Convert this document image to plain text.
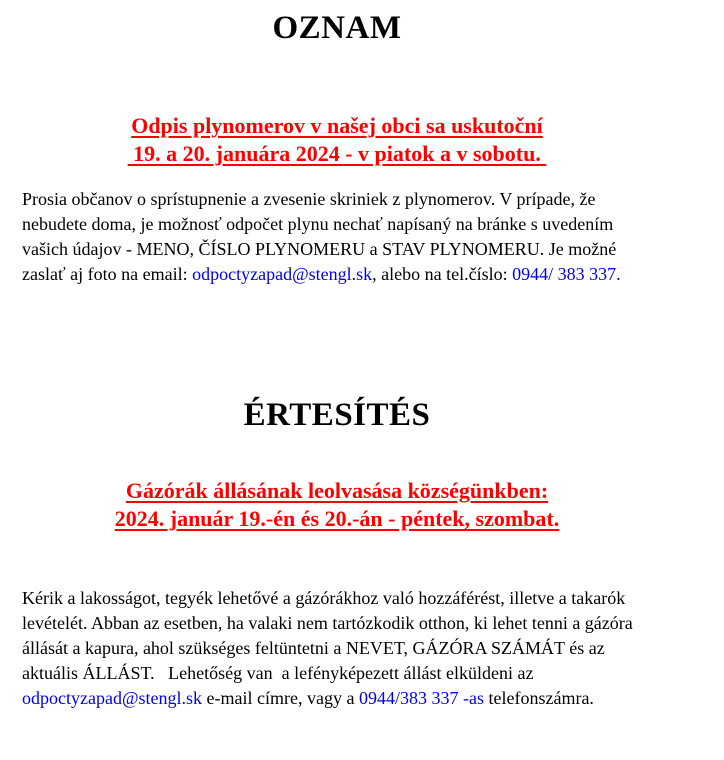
OZNAM
Odpis plynomerov v našej obci sa uskutoční
19. a 20. januára 2024 - v piatok a v sobotu.
Prosia občanov o sprístupnenie a zvesenie skriniek z plynomerov. V prípade, že
nebudete doma, je možnosť odpočet plynu nechať napísaný na bránke s uvedením
vašich údajov - MENO, ČÍSLO PLYNOMERU a STAV PLYNOMERU. Je možné
zaslať aj foto na email: odpoctyzapad@stengl.sk, alebo na tel.číslo: 0944/ 383 337.
ÉRTESÍTÉS
Gázórák állásának leolvasása községünkben:
2024. január 19.-én és 20.-án - péntek, szombat.
Kérik a lakosságot, tegyék lehetővé a gázórákhoz való hozzáférést, illetve a takarók
levételét. Abban az esetben, ha valaki nem tartózkodik otthon, ki lehet tenni a gázóra
állását a kapura, ahol szükséges feltüntetni a NEVET, GÁZÓRA SZÁMÁT és az
aktuális ÁLLÁST.   Lehetőség van  a lefényképezett állást elküldeni az
odpoctyzapad@stengl.sk e-mail címre, vagy a 0944/383 337 -as telefonszámra.
